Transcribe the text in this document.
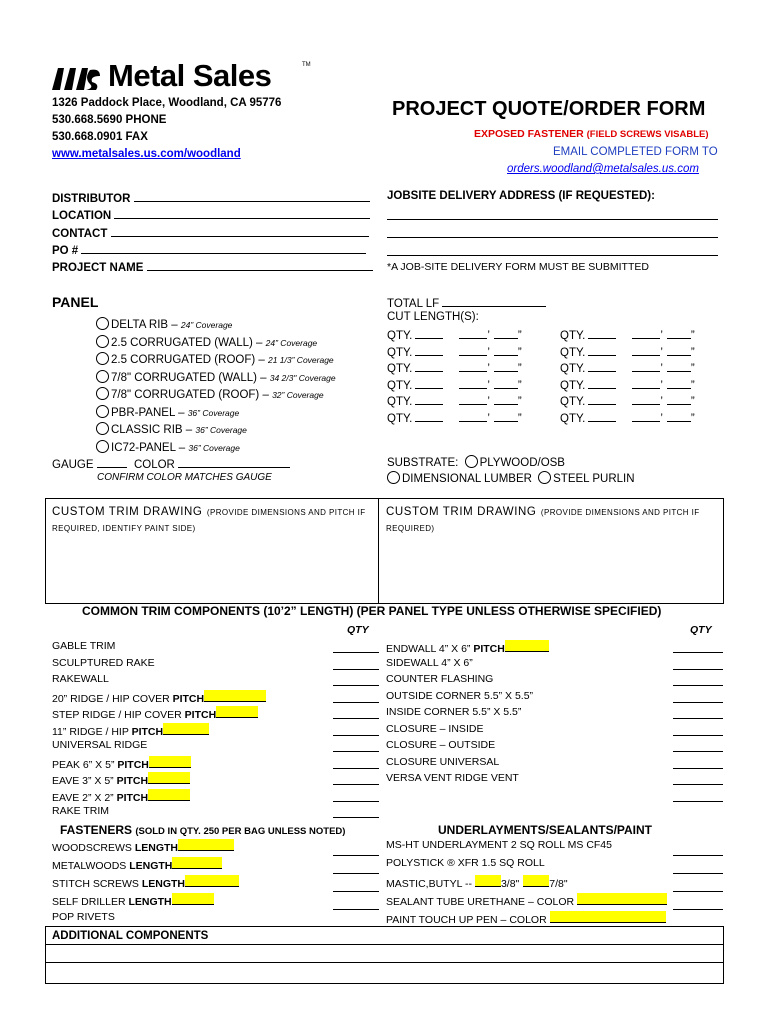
Metal Sales	TM
1326 Paddock Place, Woodland, CA 95776
530.668.5690 PHONE
530.668.0901 FAX
www.metalsales.us.com/woodland
PROJECT QUOTE/ORDER FORM
EXPOSED FASTENER (FIELD SCREWS VISABLE)
EMAIL COMPLETED FORM TO
orders.woodland@metalsales.us.com
DISTRIBUTOR
LOCATION
CONTACT
PO #
PROJECT NAME
JOBSITE DELIVERY ADDRESS (IF REQUESTED):
*A JOB-SITE DELIVERY FORM MUST BE SUBMITTED
PANEL
DELTA RIB – 24” Coverage
2.5 CORRUGATED (WALL) – 24” Coverage
2.5 CORRUGATED (ROOF) – 21 1/3” Coverage
7/8" CORRUGATED (WALL) – 34 2/3" Coverage
7/8" CORRUGATED (ROOF) – 32” Coverage
PBR-PANEL – 36” Coverage
CLASSIC RIB – 36” Coverage
IC72-PANEL – 36” Coverage
GAUGE	COLOR
CONFIRM COLOR MATCHES GAUGE
TOTAL LF
CUT LENGTH(S):
QTY.	’ ”	QTY.	’ ”
QTY.	’ ”	QTY.	’ ”
QTY.	’ ”	QTY.	’ ”
QTY.	’ ”	QTY.	’ ”
QTY.	’ ”	QTY.	’ ”
QTY.	’ ”	QTY.	’ ”
SUBSTRATE: PLYWOOD/OSB
DIMENSIONAL LUMBER STEEL PURLIN
CUSTOM TRIM DRAWING (PROVIDE DIMENSIONS AND PITCH IF REQUIRED, IDENTIFY PAINT SIDE)
CUSTOM TRIM DRAWING (PROVIDE DIMENSIONS AND PITCH IF REQUIRED)
COMMON TRIM COMPONENTS (10’2” LENGTH) (PER PANEL TYPE UNLESS OTHERWISE SPECIFIED)
QTY	QTY
GABLE TRIM
SCULPTURED RAKE
RAKEWALL
20” RIDGE / HIP COVER PITCH
STEP RIDGE / HIP COVER PITCH
11” RIDGE / HIP PITCH
UNIVERSAL RIDGE
PEAK 6” X 5” PITCH
EAVE 3” X 5” PITCH
EAVE 2” X 2” PITCH
RAKE TRIM
ENDWALL 4” X 6” PITCH
SIDEWALL 4” X 6”
COUNTER FLASHING
OUTSIDE CORNER 5.5” X 5.5”
INSIDE CORNER 5.5” X 5.5”
CLOSURE – INSIDE
CLOSURE – OUTSIDE
CLOSURE UNIVERSAL
VERSA VENT RIDGE VENT
FASTENERS (SOLD IN QTY. 250 PER BAG UNLESS NOTED)
WOODSCREWS LENGTH
METALWOODS LENGTH
STITCH SCREWS LENGTH
SELF DRILLER LENGTH
POP RIVETS
UNDERLAYMENTS/SEALANTS/PAINT
MS-HT UNDERLAYMENT 2 SQ ROLL MS CF45
POLYSTICK ® XFR 1.5 SQ ROLL
MASTIC,BUTYL --	3/8"	7/8"
SEALANT TUBE URETHANE – COLOR
PAINT TOUCH UP PEN – COLOR
ADDITIONAL COMPONENTS
